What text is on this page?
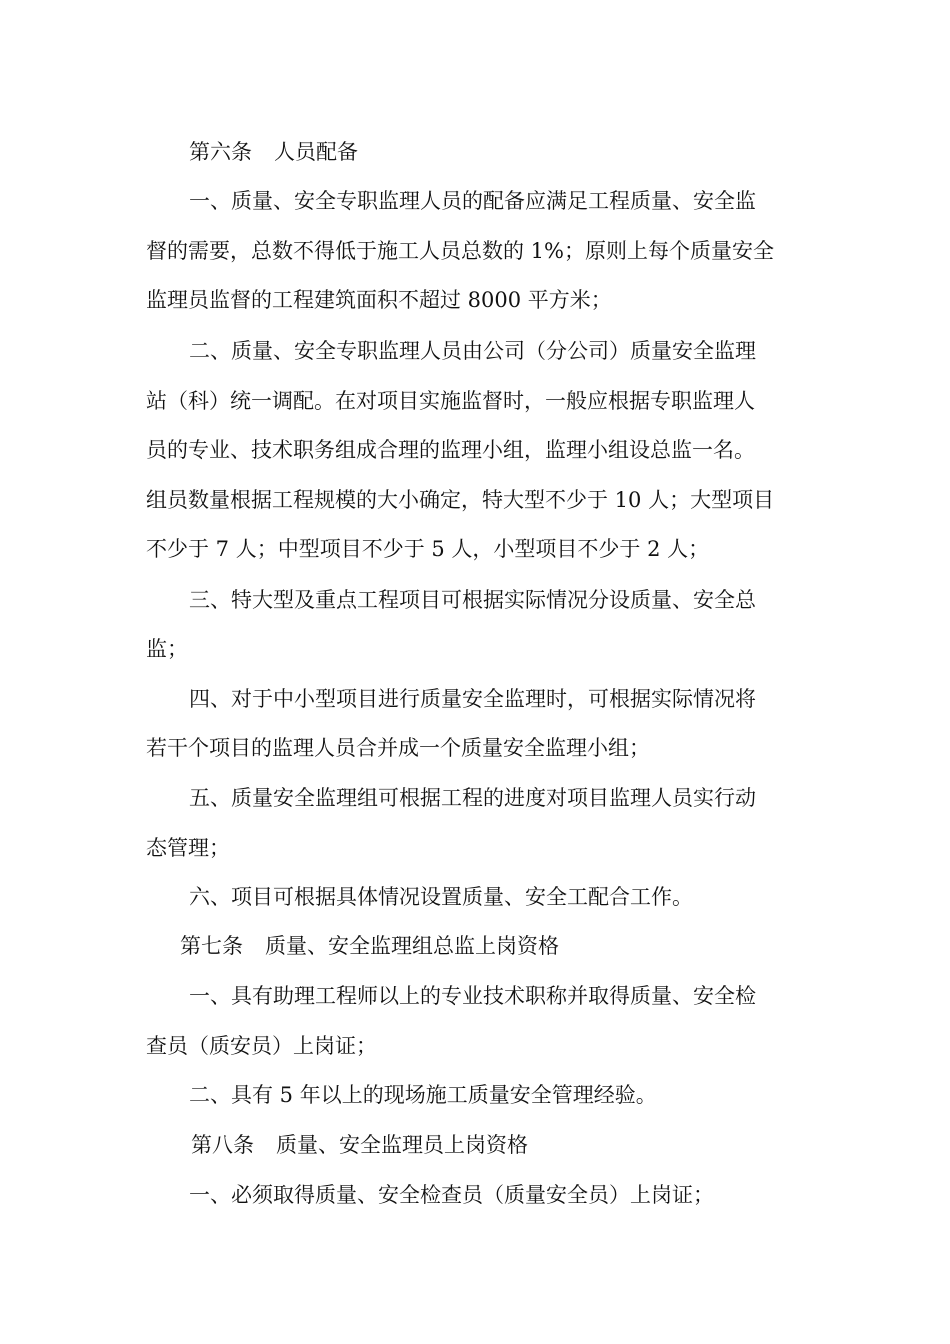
第六条 人员配备
一、质量、安全专职监理人员的配备应满足工程质量、安全监
督的需要，总数不得低于施工人员总数的 1%；原则上每个质量安全
监理员监督的工程建筑面积不超过 8000 平方米；
二、质量、安全专职监理人员由公司（分公司）质量安全监理
站（科）统一调配。在对项目实施监督时，一般应根据专职监理人
员的专业、技术职务组成合理的监理小组，监理小组设总监一名。
组员数量根据工程规模的大小确定，特大型不少于 10 人；大型项目
不少于 7 人；中型项目不少于 5 人，小型项目不少于 2 人；
三、特大型及重点工程项目可根据实际情况分设质量、安全总
监；
四、对于中小型项目进行质量安全监理时，可根据实际情况将
若干个项目的监理人员合并成一个质量安全监理小组；
五、质量安全监理组可根据工程的进度对项目监理人员实行动
态管理；
六、项目可根据具体情况设置质量、安全工配合工作。
第七条 质量、安全监理组总监上岗资格
一、具有助理工程师以上的专业技术职称并取得质量、安全检
查员（质安员）上岗证；
二、具有 5 年以上的现场施工质量安全管理经验。
第八条 质量、安全监理员上岗资格
一、必须取得质量、安全检查员（质量安全员）上岗证；
